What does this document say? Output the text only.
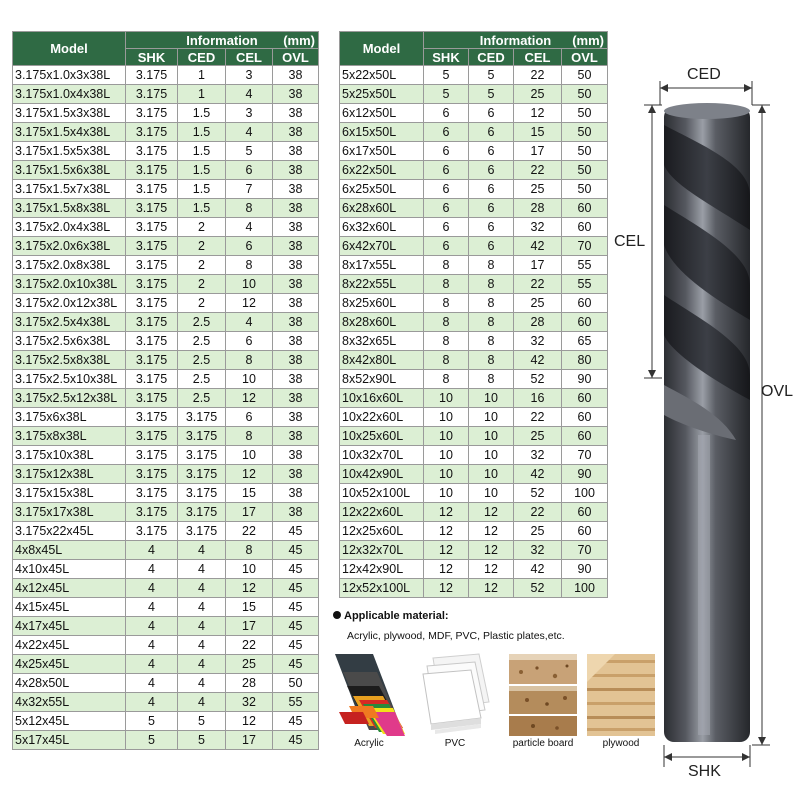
Model	Information (mm)			

	SHK	CED	CEL	OVL
3.175x1.0x3x38L	3.175	1	3	38
3.175x1.0x4x38L	3.175	1	4	38
3.175x1.5x3x38L	3.175	1.5	3	38
3.175x1.5x4x38L	3.175	1.5	4	38
3.175x1.5x5x38L	3.175	1.5	5	38
3.175x1.5x6x38L	3.175	1.5	6	38
3.175x1.5x7x38L	3.175	1.5	7	38
3.175x1.5x8x38L	3.175	1.5	8	38
3.175x2.0x4x38L	3.175	2	4	38
3.175x2.0x6x38L	3.175	2	6	38
3.175x2.0x8x38L	3.175	2	8	38
3.175x2.0x10x38L	3.175	2	10	38
3.175x2.0x12x38L	3.175	2	12	38
3.175x2.5x4x38L	3.175	2.5	4	38
3.175x2.5x6x38L	3.175	2.5	6	38
3.175x2.5x8x38L	3.175	2.5	8	38
3.175x2.5x10x38L	3.175	2.5	10	38
3.175x2.5x12x38L	3.175	2.5	12	38
3.175x6x38L	3.175	3.175	6	38
3.175x8x38L	3.175	3.175	8	38
3.175x10x38L	3.175	3.175	10	38
3.175x12x38L	3.175	3.175	12	38
3.175x15x38L	3.175	3.175	15	38
3.175x17x38L	3.175	3.175	17	38
3.175x22x45L	3.175	3.175	22	45
4x8x45L	4	4	8	45
4x10x45L	4	4	10	45
4x12x45L	4	4	12	45
4x15x45L	4	4	15	45
4x17x45L	4	4	17	45
4x22x45L	4	4	22	45
4x25x45L	4	4	25	45
4x28x50L	4	4	28	50
4x32x55L	4	4	32	55
5x12x45L	5	5	12	45
5x17x45L	5	5	17	45
Model	Information (mm)			

	SHK	CED	CEL	OVL
5x22x50L	5	5	22	50
5x25x50L	5	5	25	50
6x12x50L	6	6	12	50
6x15x50L	6	6	15	50
6x17x50L	6	6	17	50
6x22x50L	6	6	22	50
6x25x50L	6	6	25	50
6x28x60L	6	6	28	60
6x32x60L	6	6	32	60
6x42x70L	6	6	42	70
8x17x55L	8	8	17	55
8x22x55L	8	8	22	55
8x25x60L	8	8	25	60
8x28x60L	8	8	28	60
8x32x65L	8	8	32	65
8x42x80L	8	8	42	80
8x52x90L	8	8	52	90
10x16x60L	10	10	16	60
10x22x60L	10	10	22	60
10x25x60L	10	10	25	60
10x32x70L	10	10	32	70
10x42x90L	10	10	42	90
10x52x100L	10	10	52	100
12x22x60L	12	12	22	60
12x25x60L	12	12	25	60
12x32x70L	12	12	32	70
12x42x90L	12	12	42	90
12x52x100L	12	12	52	100
Applicable material:
Acrylic, plywood, MDF, PVC, Plastic plates,etc.
Acrylic	PVC	particle board	plywood
CED
CEL
OVL
SHK
